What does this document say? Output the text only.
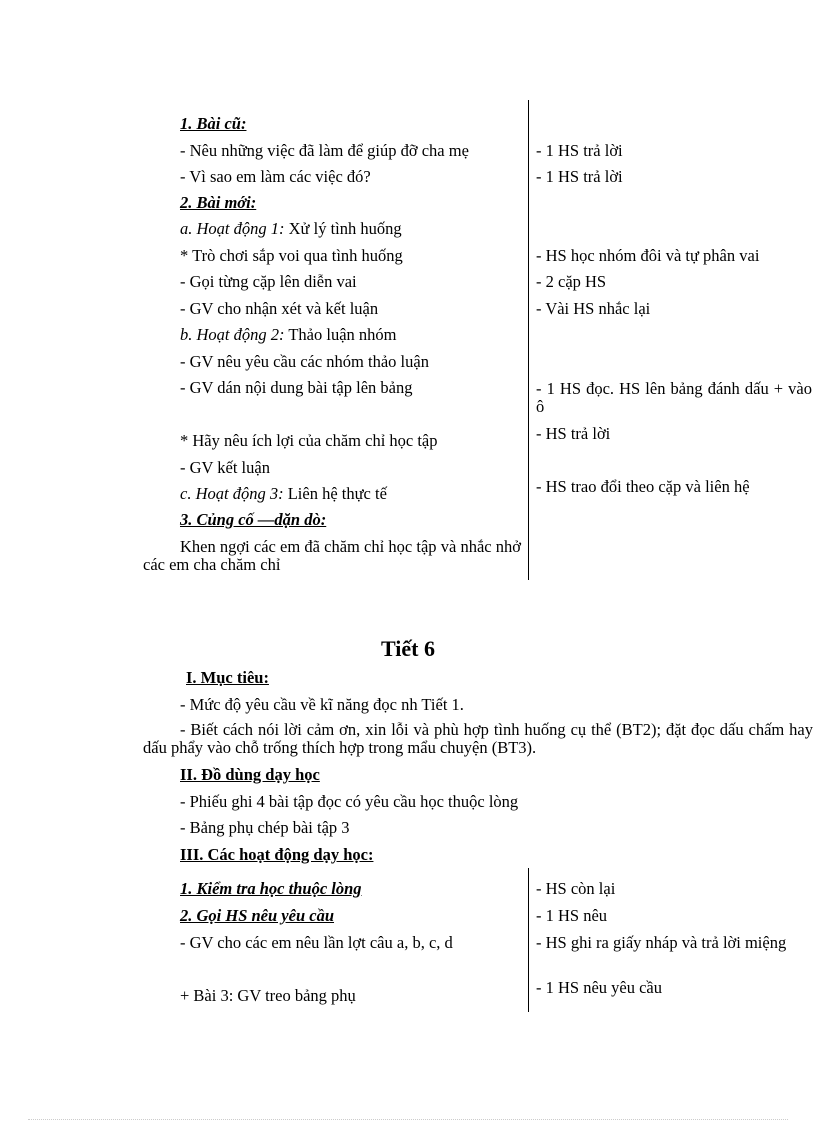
1. Bài cũ:
- Nêu những việc đã làm để giúp đỡ cha mẹ
- Vì sao em làm các việc đó?
2. Bài mới:
a. Hoạt động 1: Xử lý tình huống
* Trò chơi sắp voi qua tình huống
- Gọi từng cặp lên diễn vai
- GV cho nhận xét và kết luận
b. Hoạt động 2: Thảo luận nhóm
- GV nêu yêu cầu các nhóm thảo luận
- GV dán nội dung bài tập lên bảng
* Hãy nêu ích lợi của chăm chỉ học tập
- GV kết luận
c. Hoạt động 3: Liên hệ thực tế
3. Củng cố —dặn dò:
Khen ngợi các em đã chăm chỉ học tập và nhắc nhở các em cha chăm chỉ
- 1 HS trả lời
- 1 HS trả lời
- HS học nhóm đôi và tự phân vai
- 2 cặp HS
- Vài HS nhắc lại
- 1 HS đọc. HS lên bảng đánh dấu + vào ô
- HS trả lời
- HS trao đổi theo cặp và liên hệ
Tiết 6
I. Mục tiêu:
- Mức độ yêu cầu về kĩ năng đọc nh Tiết 1.
- Biết cách nói lời cảm ơn, xin lỗi và phù hợp tình huống cụ thể (BT2); đặt đọc dấu chấm hay dấu phẩy vào chỗ trống thích hợp trong mẩu chuyện (BT3).
II. Đồ dùng dạy học
- Phiếu ghi 4 bài tập đọc có yêu cầu học thuộc lòng
- Bảng phụ chép bài tập 3
III. Các hoạt động dạy học:
1. Kiểm tra học thuộc lòng
2. Gọi HS nêu yêu cầu
- GV cho các em nêu lần lợt câu a, b, c, d
+ Bài 3: GV treo bảng phụ
- HS còn lại
- 1 HS nêu
- HS ghi ra giấy nháp và trả lời miệng
- 1 HS nêu yêu cầu
